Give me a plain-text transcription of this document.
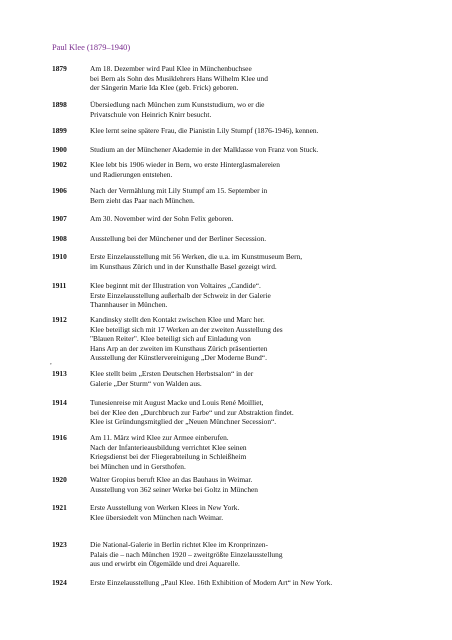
Paul Klee (1879–1940)
,
1879	Am 18. Dezember wird Paul Klee in Münchenbuchsee
bei Bern als Sohn des Musiklehrers Hans Wilhelm Klee und
der Sängerin Marie Ida Klee (geb. Frick) geboren.
1898	Übersiedlung nach München zum Kunststudium, wo er die
Privatschule von Heinrich Knirr besucht.
1899	Klee lernt seine spätere Frau, die Pianistin Lily Stumpf (1876-1946), kennen.
1900	Studium an der Münchener Akademie in der Malklasse von Franz von Stuck.
1902	Klee lebt bis 1906 wieder in Bern, wo erste Hinterglasmalereien
und Radierungen entstehen.
1906	Nach der Vermählung mit Lily Stumpf am 15. September in
Bern zieht das Paar nach München.
1907	Am 30. November wird der Sohn Felix geboren.
1908	Ausstellung bei der Münchener und der Berliner Secession.
1910	Erste Einzelausstellung mit 56 Werken, die u.a. im Kunstmuseum Bern,
im Kunsthaus Zürich und in der Kunsthalle Basel gezeigt wird.
1911	Klee beginnt mit der Illustration von Voltaires „Candide“.
Erste Einzelausstellung außerhalb der Schweiz in der Galerie
Thannhauser in München.
1912	Kandinsky stellt den Kontakt zwischen Klee und Marc her.
Klee beteiligt sich mit 17 Werken an der zweiten Ausstellung des
"Blauen Reiter". Klee beteiligt sich auf Einladung von
Hans Arp an der zweiten im Kunsthaus Zürich präsentierten
Ausstellung der Künstlervereinigung „Der Moderne Bund“.
1913	Klee stellt beim „Ersten Deutschen Herbstsalon“ in der
Galerie „Der Sturm“ von Walden aus.
1914	Tunesienreise mit August Macke und Louis René Moilliet,
bei der Klee den „Durchbruch zur Farbe“ und zur Abstraktion findet.
Klee ist Gründungsmitglied der „Neuen Münchner Secession“.
1916	Am 11. März wird Klee zur Armee einberufen.
Nach der Infanterieausbildung verrichtet Klee seinen
Kriegsdienst bei der Fliegerabteilung in Schleißheim
bei München und in Gersthofen.
1920	Walter Gropius beruft Klee an das Bauhaus in Weimar.
Ausstellung von 362 seiner Werke bei Goltz in München
1921	Erste Ausstellung von Werken Klees in New York.
Klee übersiedelt von München nach Weimar.
1923	Die National-Galerie in Berlin richtet Klee im Kronprinzen-
Palais die – nach München 1920 – zweitgrößte Einzelausstellung
aus und erwirbt ein Ölgemälde und drei Aquarelle.
1924	Erste Einzelausstellung „Paul Klee. 16th Exhibition of Modern Art“ in New York.
